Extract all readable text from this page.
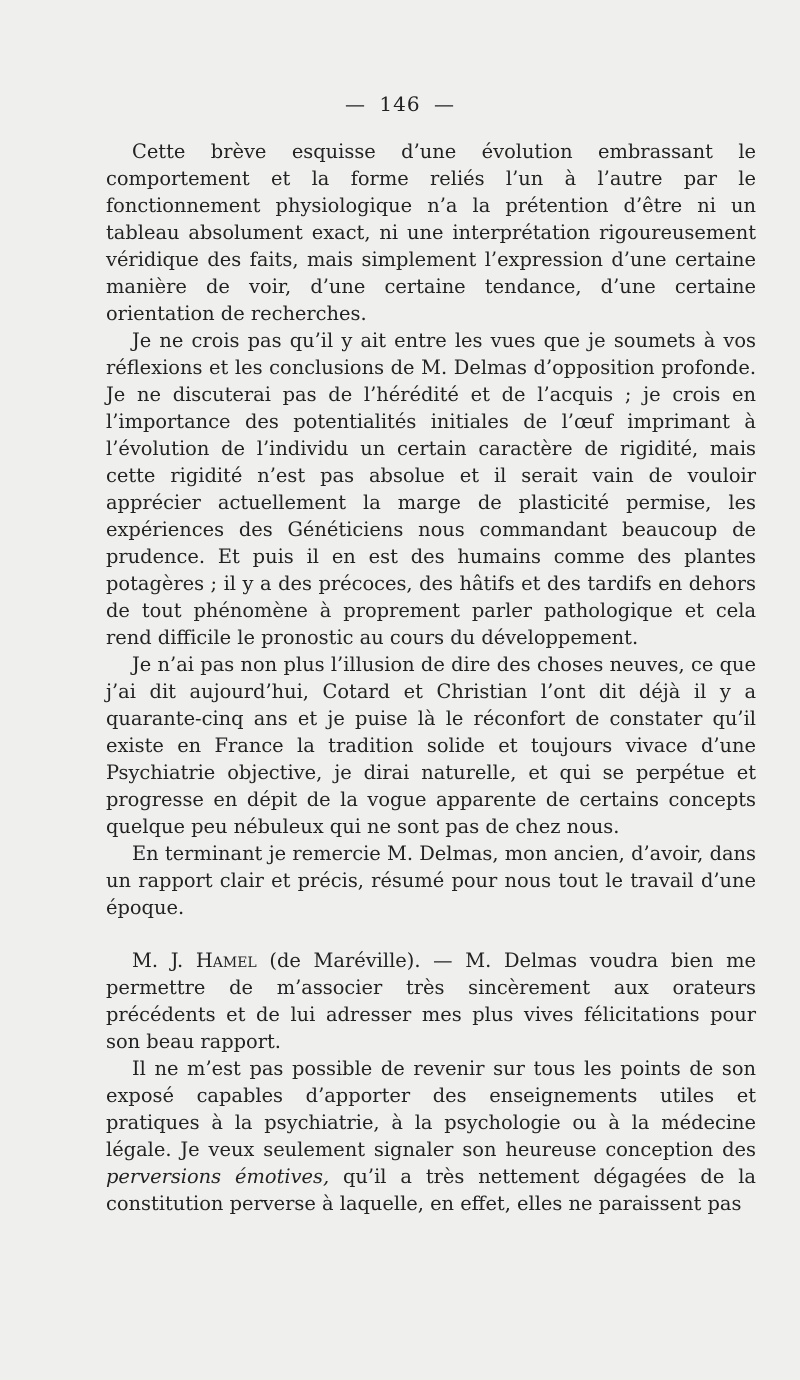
— 146 —

Cette brève esquisse d’une évolution embrassant le comportement et la forme reliés l’un à l’autre par le fonctionnement physiologique n’a la prétention d’être ni un tableau absolument exact, ni une interprétation rigoureusement véridique des faits, mais simplement l’expression d’une certaine manière de voir, d’une certaine tendance, d’une certaine orientation de recherches.

Je ne crois pas qu’il y ait entre les vues que je soumets à vos réflexions et les conclusions de M. Delmas d’opposition profonde. Je ne discuterai pas de l’hérédité et de l’acquis ; je crois en l’importance des potentialités initiales de l’œuf imprimant à l’évolution de l’individu un certain caractère de rigidité, mais cette rigidité n’est pas absolue et il serait vain de vouloir apprécier actuellement la marge de plasticité permise, les expériences des Généticiens nous commandant beaucoup de prudence. Et puis il en est des humains comme des plantes potagères ; il y a des précoces, des hâtifs et des tardifs en dehors de tout phénomène à proprement parler pathologique et cela rend difficile le pronostic au cours du développement.

Je n’ai pas non plus l’illusion de dire des choses neuves, ce que j’ai dit aujourd’hui, Cotard et Christian l’ont dit déjà il y a quarante-cinq ans et je puise là le réconfort de constater qu’il existe en France la tradition solide et toujours vivace d’une Psychiatrie objective, je dirai naturelle, et qui se perpétue et progresse en dépit de la vogue apparente de certains concepts quelque peu nébuleux qui ne sont pas de chez nous.

En terminant je remercie M. Delmas, mon ancien, d’avoir, dans un rapport clair et précis, résumé pour nous tout le travail d’une époque.

M. J. Hamel (de Maréville). — M. Delmas voudra bien me permettre de m’associer très sincèrement aux orateurs précédents et de lui adresser mes plus vives félicitations pour son beau rapport.

Il ne m’est pas possible de revenir sur tous les points de son exposé capables d’apporter des enseignements utiles et pratiques à la psychiatrie, à la psychologie ou à la médecine légale. Je veux seulement signaler son heureuse conception des perversions émotives, qu’il a très nettement dégagées de la constitution perverse à laquelle, en effet, elles ne paraissent pas
